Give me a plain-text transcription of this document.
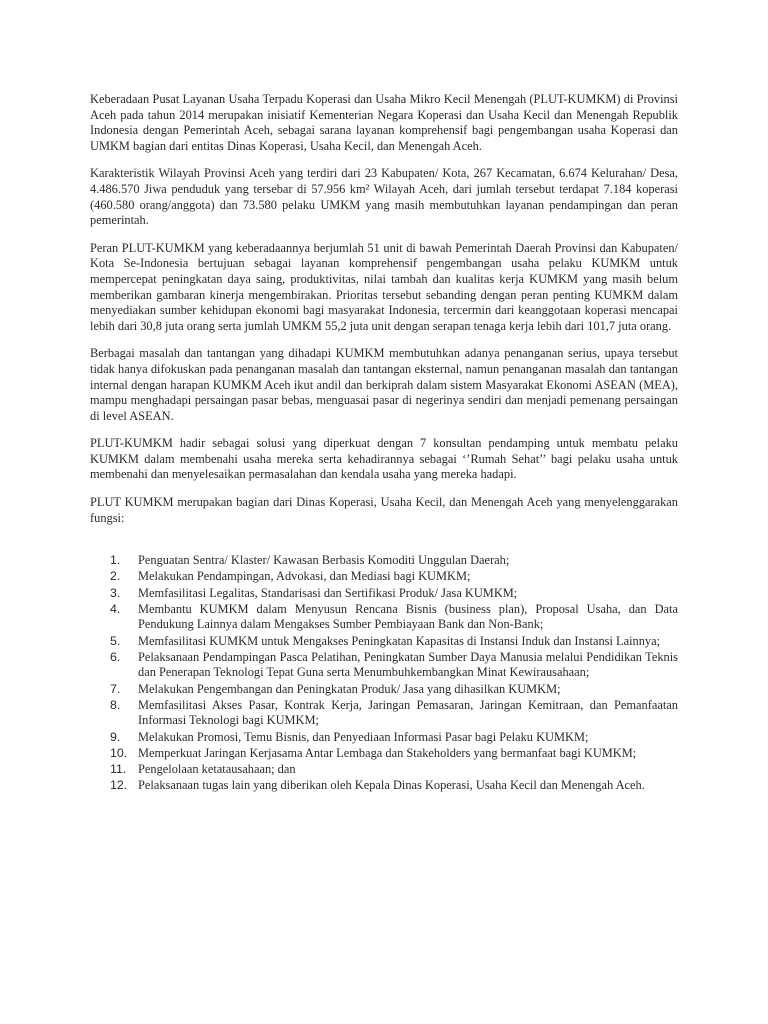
Keberadaan Pusat Layanan Usaha Terpadu Koperasi dan Usaha Mikro Kecil Menengah (PLUT-KUMKM) di Provinsi Aceh pada tahun 2014 merupakan inisiatif Kementerian Negara Koperasi dan Usaha Kecil dan Menengah Republik Indonesia dengan Pemerintah Aceh, sebagai sarana layanan komprehensif bagi pengembangan usaha Koperasi dan UMKM bagian dari entitas Dinas Koperasi, Usaha Kecil, dan Menengah Aceh.

Karakteristik Wilayah Provinsi Aceh yang terdiri dari 23 Kabupaten/ Kota, 267 Kecamatan, 6.674 Kelurahan/ Desa, 4.486.570 Jiwa penduduk yang tersebar di 57.956 km² Wilayah Aceh, dari jumlah tersebut terdapat 7.184 koperasi (460.580 orang/anggota) dan 73.580 pelaku UMKM yang masih membutuhkan layanan pendampingan dan peran pemerintah.

Peran PLUT-KUMKM yang keberadaannya berjumlah 51 unit di bawah Pemerintah Daerah Provinsi dan Kabupaten/ Kota Se-Indonesia bertujuan sebagai layanan komprehensif pengembangan usaha pelaku KUMKM untuk mempercepat peningkatan daya saing, produktivitas, nilai tambah dan kualitas kerja KUMKM yang masih belum memberikan gambaran kinerja mengembirakan. Prioritas tersebut sebanding dengan peran penting KUMKM dalam menyediakan sumber kehidupan ekonomi bagi masyarakat Indonesia, tercermin dari keanggotaan koperasi mencapai lebih dari 30,8 juta orang serta jumlah UMKM 55,2 juta unit dengan serapan tenaga kerja lebih dari 101,7 juta orang.

Berbagai masalah dan tantangan yang dihadapi KUMKM membutuhkan adanya penanganan serius, upaya tersebut tidak hanya difokuskan pada penanganan masalah dan tantangan eksternal, namun penanganan masalah dan tantangan internal dengan harapan KUMKM Aceh ikut andil dan berkiprah dalam sistem Masyarakat Ekonomi ASEAN (MEA), mampu menghadapi persaingan pasar bebas, menguasai pasar di negerinya sendiri dan menjadi pemenang persaingan di level ASEAN.

PLUT-KUMKM hadir sebagai solusi yang diperkuat dengan 7 konsultan pendamping untuk membatu pelaku KUMKM dalam membenahi usaha mereka serta kehadirannya sebagai ‘’Rumah Sehat’’ bagi pelaku usaha untuk membenahi dan menyelesaikan permasalahan dan kendala usaha yang mereka hadapi.

PLUT KUMKM merupakan bagian dari Dinas Koperasi, Usaha Kecil, dan Menengah Aceh yang menyelenggarakan fungsi:

1.	Penguatan Sentra/ Klaster/ Kawasan Berbasis Komoditi Unggulan Daerah;
2.	Melakukan Pendampingan, Advokasi, dan Mediasi bagi KUMKM;
3.	Memfasilitasi Legalitas, Standarisasi dan Sertifikasi Produk/ Jasa KUMKM;
4.	Membantu KUMKM dalam Menyusun Rencana Bisnis (business plan), Proposal Usaha, dan Data Pendukung Lainnya dalam Mengakses Sumber Pembiayaan Bank dan Non-Bank;
5.	Memfasilitasi KUMKM untuk Mengakses Peningkatan Kapasitas di Instansi Induk dan Instansi Lainnya;
6.	Pelaksanaan Pendampingan Pasca Pelatihan, Peningkatan Sumber Daya Manusia melalui Pendidikan Teknis dan Penerapan Teknologi Tepat Guna serta Menumbuhkembangkan Minat Kewirausahaan;
7.	Melakukan Pengembangan dan Peningkatan Produk/ Jasa yang dihasilkan KUMKM;
8.	Memfasilitasi Akses Pasar, Kontrak Kerja, Jaringan Pemasaran, Jaringan Kemitraan, dan Pemanfaatan Informasi Teknologi bagi KUMKM;
9.	Melakukan Promosi, Temu Bisnis, dan Penyediaan Informasi Pasar bagi Pelaku KUMKM;
10. Memperkuat Jaringan Kerjasama Antar Lembaga dan Stakeholders yang bermanfaat bagi KUMKM;
11. Pengelolaan ketatausahaan; dan
12. Pelaksanaan tugas lain yang diberikan oleh Kepala Dinas Koperasi, Usaha Kecil dan Menengah Aceh.
